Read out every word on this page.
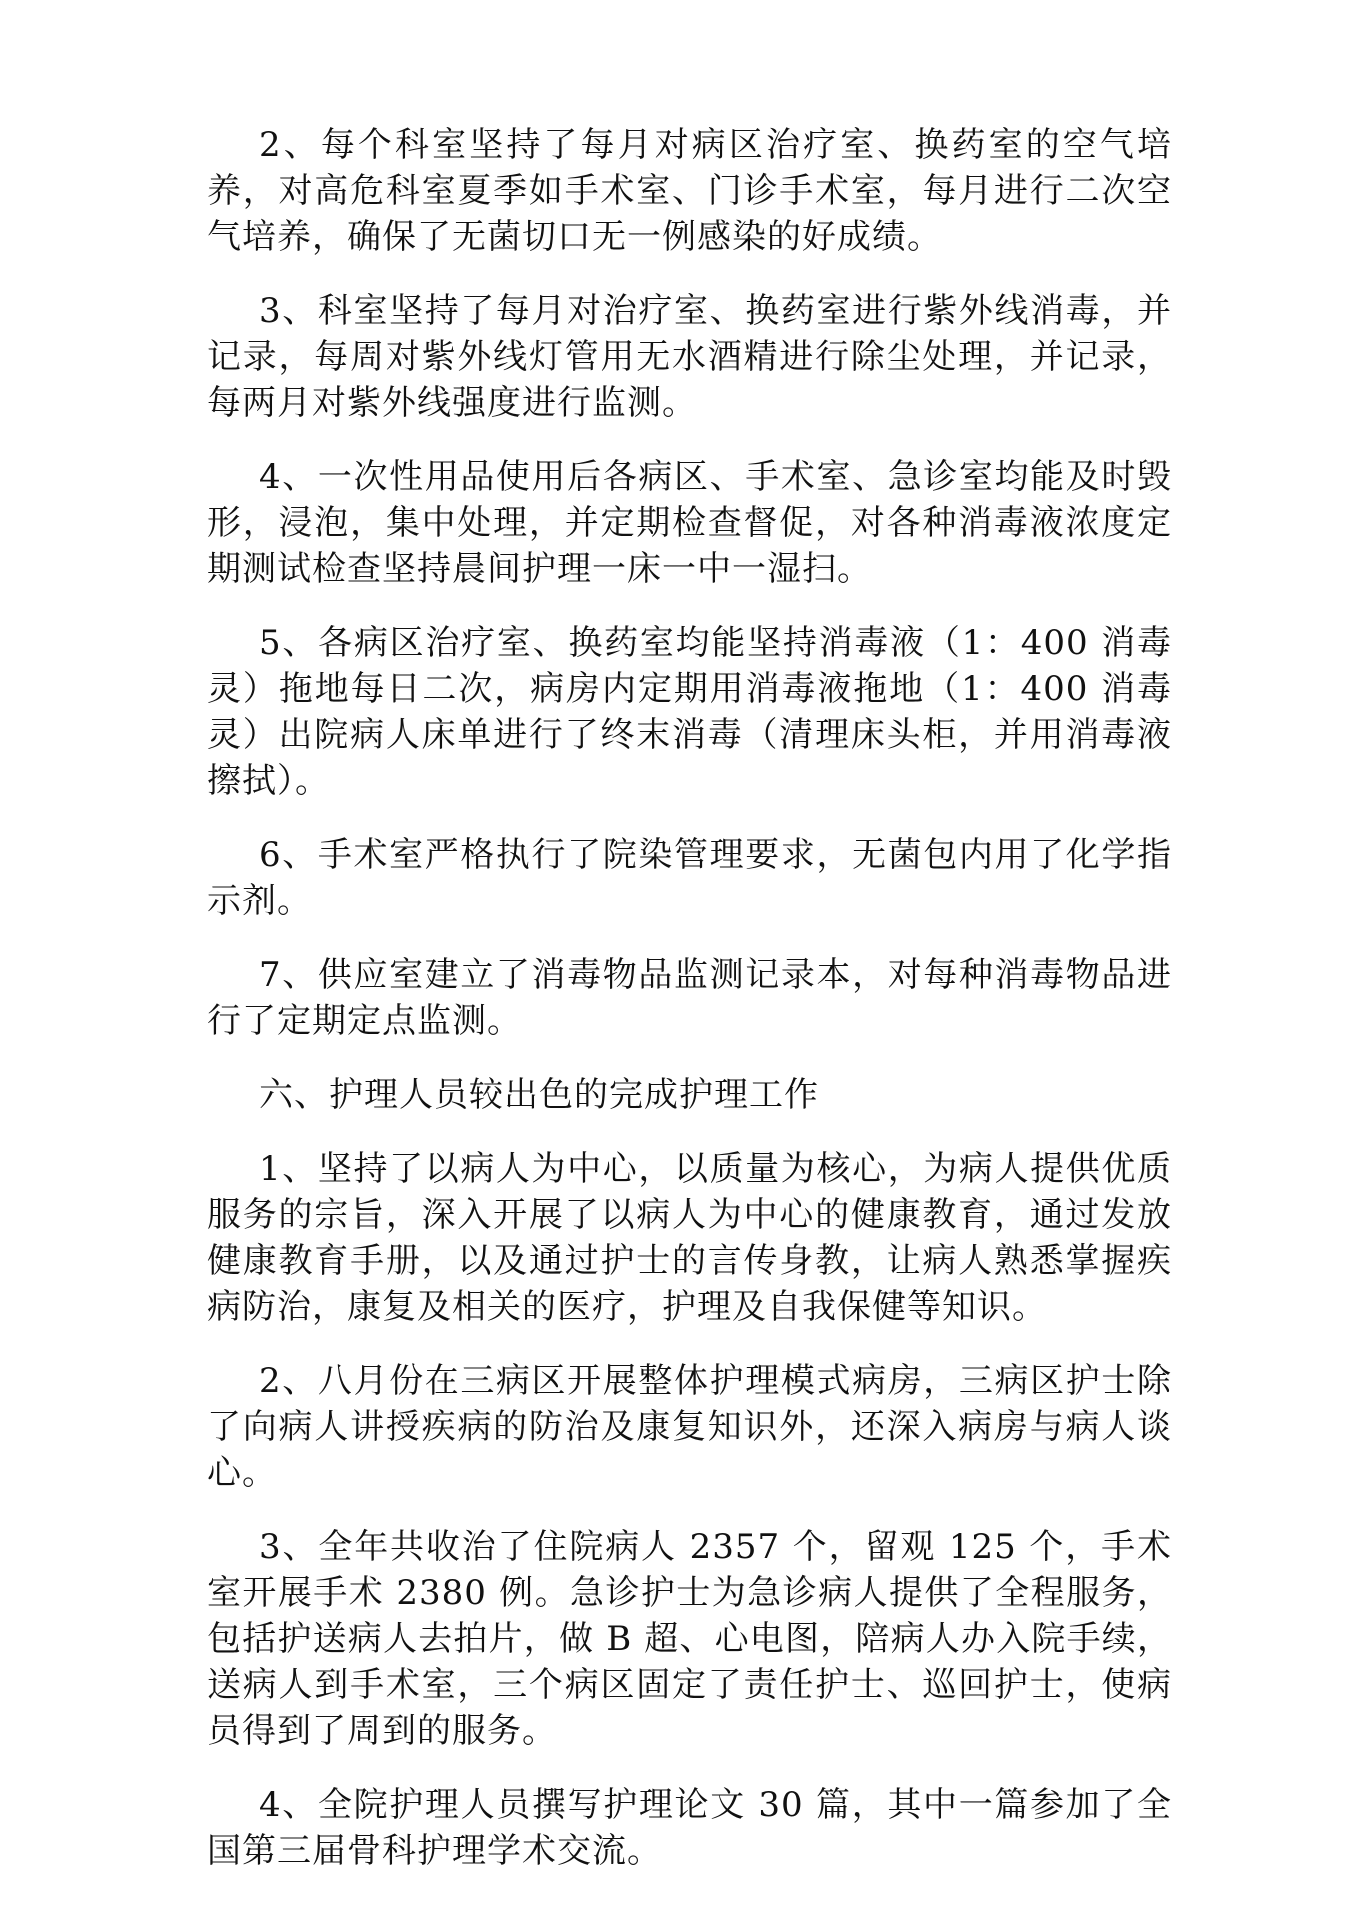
2、每个科室坚持了每月对病区治疗室、换药室的空气培养，对高危科室夏季如手术室、门诊手术室，每月进行二次空气培养，确保了无菌切口无一例感染的好成绩。

3、科室坚持了每月对治疗室、换药室进行紫外线消毒，并记录，每周对紫外线灯管用无水酒精进行除尘处理，并记录，每两月对紫外线强度进行监测。

4、一次性用品使用后各病区、手术室、急诊室均能及时毁形，浸泡，集中处理，并定期检查督促，对各种消毒液浓度定期测试检查坚持晨间护理一床一中一湿扫。

5、各病区治疗室、换药室均能坚持消毒液（1：400 消毒灵）拖地每日二次，病房内定期用消毒液拖地（1：400 消毒灵）出院病人床单进行了终末消毒（清理床头柜，并用消毒液擦拭）。

6、手术室严格执行了院染管理要求，无菌包内用了化学指示剂。

7、供应室建立了消毒物品监测记录本，对每种消毒物品进行了定期定点监测。

六、护理人员较出色的完成护理工作

1、坚持了以病人为中心，以质量为核心，为病人提供优质服务的宗旨，深入开展了以病人为中心的健康教育，通过发放健康教育手册，以及通过护士的言传身教，让病人熟悉掌握疾病防治，康复及相关的医疗，护理及自我保健等知识。

2、八月份在三病区开展整体护理模式病房，三病区护士除了向病人讲授疾病的防治及康复知识外，还深入病房与病人谈心。

3、全年共收治了住院病人 2357 个，留观 125 个，手术室开展手术 2380 例。急诊护士为急诊病人提供了全程服务，包括护送病人去拍片，做 B 超、心电图，陪病人办入院手续，送病人到手术室，三个病区固定了责任护士、巡回护士，使病员得到了周到的服务。

4、全院护理人员撰写护理论文 30 篇，其中一篇参加了全国第三届骨科护理学术交流。
